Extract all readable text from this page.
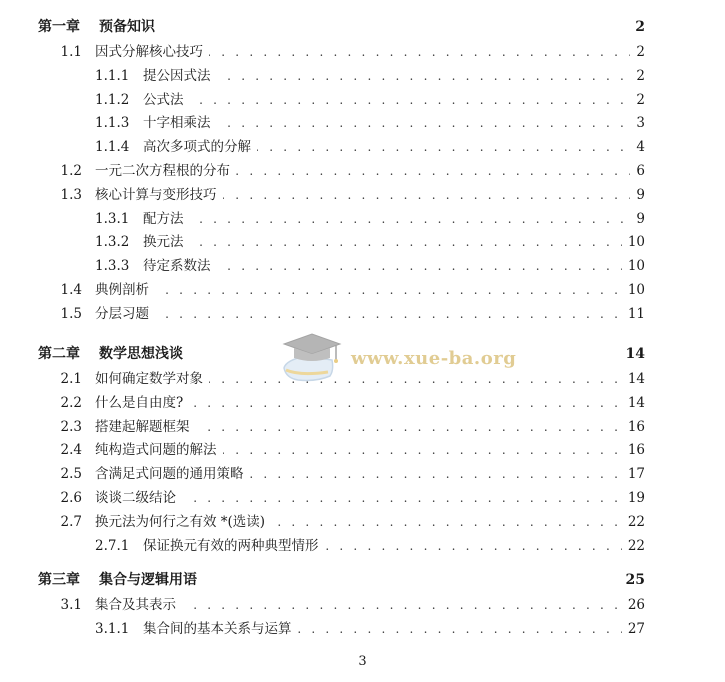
第一章 预备知识	2
1.1 . . . 因式分解核心技巧	2
1.1.1 . . . 提公因式法	2
1.1.2 . . . 公式法	2
1.1.3 . . . 十字相乘法	3
1.1.4 . . . 高次多项式的分解	4
1.2 . . . 一元二次方程根的分布	6
1.3 . . . 核心计算与变形技巧	9
1.3.1 . . . 配方法	9
1.3.2 . . . 换元法	10
1.3.3 . . . 待定系数法	10
1.4 . . . 典例剖析	10
1.5 . . . 分层习题	11
第二章 数学思想浅谈	14
2.1 . . . 如何确定数学对象	14
2.2 . . . 什么是自由度?	14
2.3 . . . 搭建起解题框架	16
2.4 . . . 纯构造式问题的解法	16
2.5 . . . 含满足式问题的通用策略	17
2.6 . . . 谈谈二级结论	19
2.7 . . . 换元法为何行之有效 *(选读)	22
2.7.1 . . . 保证换元有效的两种典型情形	22
第三章 集合与逻辑用语	25
3.1 . . . 集合及其表示	26
3.1.1 . . . 集合间的基本关系与运算	27
www.xue-ba.org
3
